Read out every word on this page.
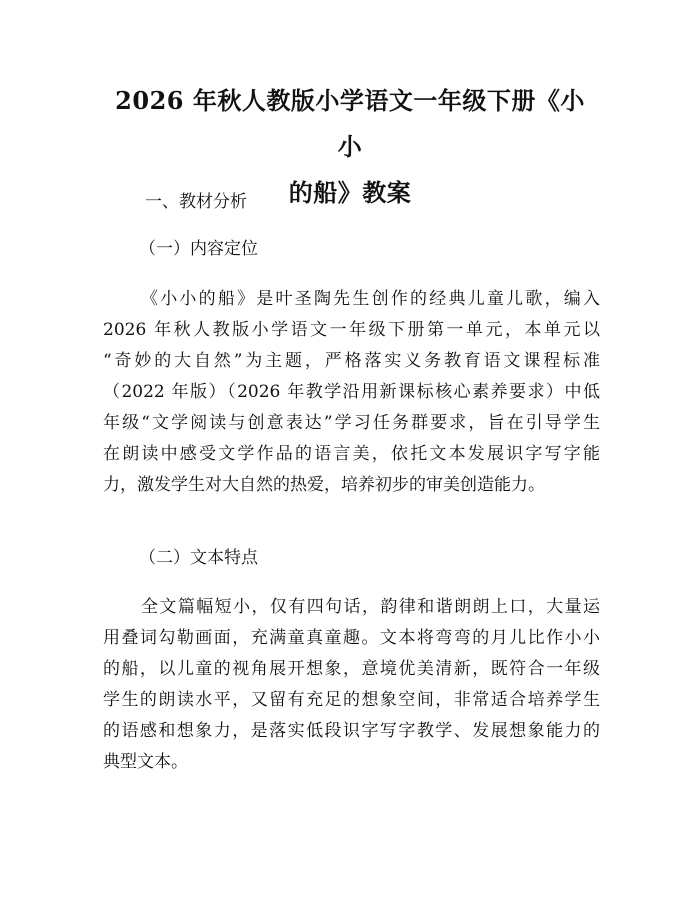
2026 年秋人教版小学语文一年级下册《小小
的船》教案

一、教材分析

（一）内容定位

《小小的船》是叶圣陶先生创作的经典儿童儿歌，编入
2026 年秋人教版小学语文一年级下册第一单元，本单元以
“奇妙的大自然”为主题，严格落实义务教育语文课程标准
（2022 年版）（2026 年教学沿用新课标核心素养要求）中低
年级“文学阅读与创意表达”学习任务群要求，旨在引导学生
在朗读中感受文学作品的语言美，依托文本发展识字写字能
力，激发学生对大自然的热爱，培养初步的审美创造能力。

（二）文本特点

全文篇幅短小，仅有四句话，韵律和谐朗朗上口，大量运
用叠词勾勒画面，充满童真童趣。文本将弯弯的月儿比作小小
的船，以儿童的视角展开想象，意境优美清新，既符合一年级
学生的朗读水平，又留有充足的想象空间，非常适合培养学生
的语感和想象力，是落实低段识字写字教学、发展想象能力的
典型文本。
